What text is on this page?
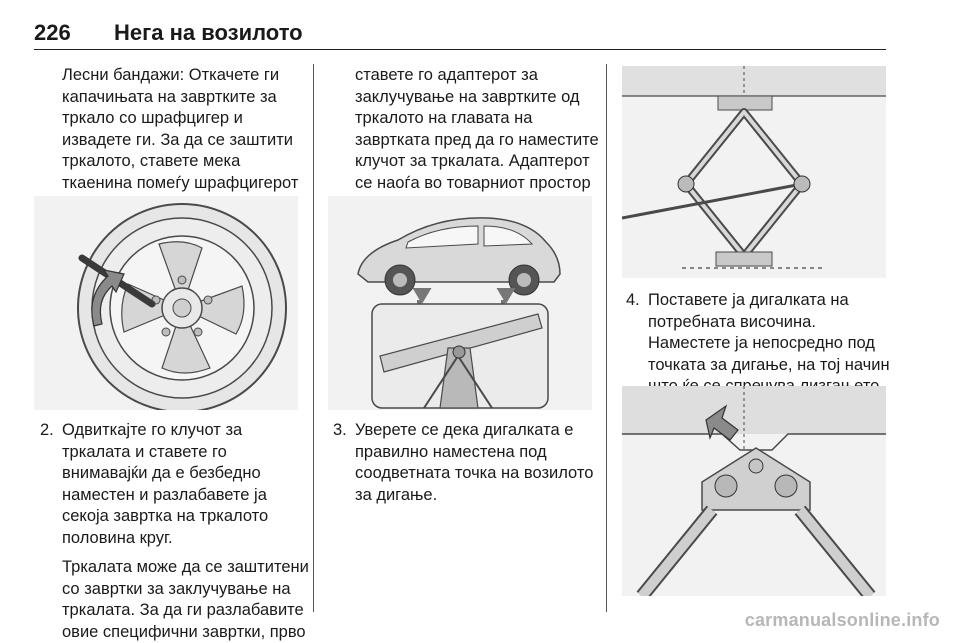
226 Нега на возилото
Лесни бандажи: Откачете ги
капачињата на завртките за
тркало со шрафцигер и
извадете ги. За да се заштити
тркалото, ставете мека
ткаенина помеѓу шрафцигерот
2. Одвиткајте го клучот за
тркалата и ставете го
внимавајќи да е безбедно
наместен и разлабавете ја
секоја завртка на тркалото
половина круг.
Тркалата може да се заштитени
со завртки за заклучување на
тркалата. За да ги разлабавите
овие специфични завртки, прво
ставете го адаптерот за
заклучување на завртките од
тркалото на главата на
завртката пред да го наместите
клучот за тркалата. Адаптерот
се наоѓа во товарниот простор
3. Уверете се дека дигалката е
правилно наместена под
соодветната точка на возилото
за дигање.
4. Поставете ја дигалката на
потребната височина.
Наместете ја непосредно под
точката за дигање, на тој начин
carmanualsonline.info
